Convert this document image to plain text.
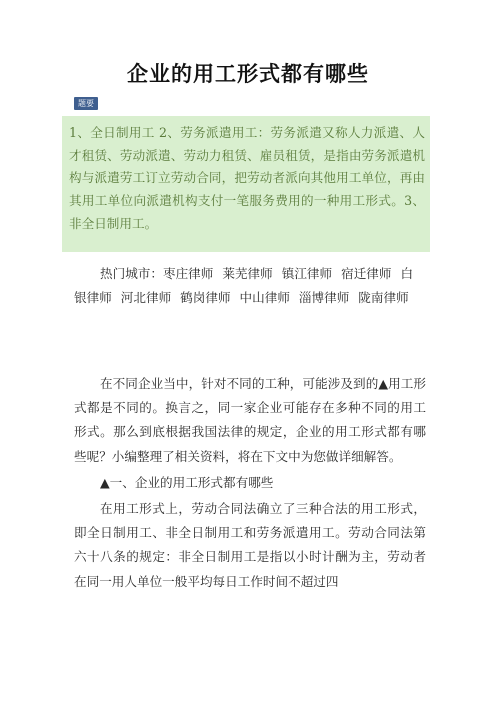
企业的用工形式都有哪些
题要
1、全日制用工 2、劳务派遣用工：劳务派遣又称人力派遣、人才租赁、劳动派遣、劳动力租赁、雇员租赁，是指由劳务派遣机构与派遣劳工订立劳动合同，把劳动者派向其他用工单位，再由其用工单位向派遣机构支付一笔服务费用的一种用工形式。3、非全日制用工。
热门城市：枣庄律师 莱芜律师 镇江律师 宿迁律师 白银律师 河北律师 鹤岗律师 中山律师 淄博律师 陇南律师

在不同企业当中，针对不同的工种，可能涉及到的▲用工形式都是不同的。换言之，同一家企业可能存在多种不同的用工形式。那么到底根据我国法律的规定，企业的用工形式都有哪些呢？小编整理了相关资料，将在下文中为您做详细解答。

▲一、企业的用工形式都有哪些

在用工形式上，劳动合同法确立了三种合法的用工形式，即全日制用工、非全日制用工和劳务派遣用工。劳动合同法第六十八条的规定：非全日制用工是指以小时计酬为主，劳动者在同一用人单位一般平均每日工作时间不超过四
